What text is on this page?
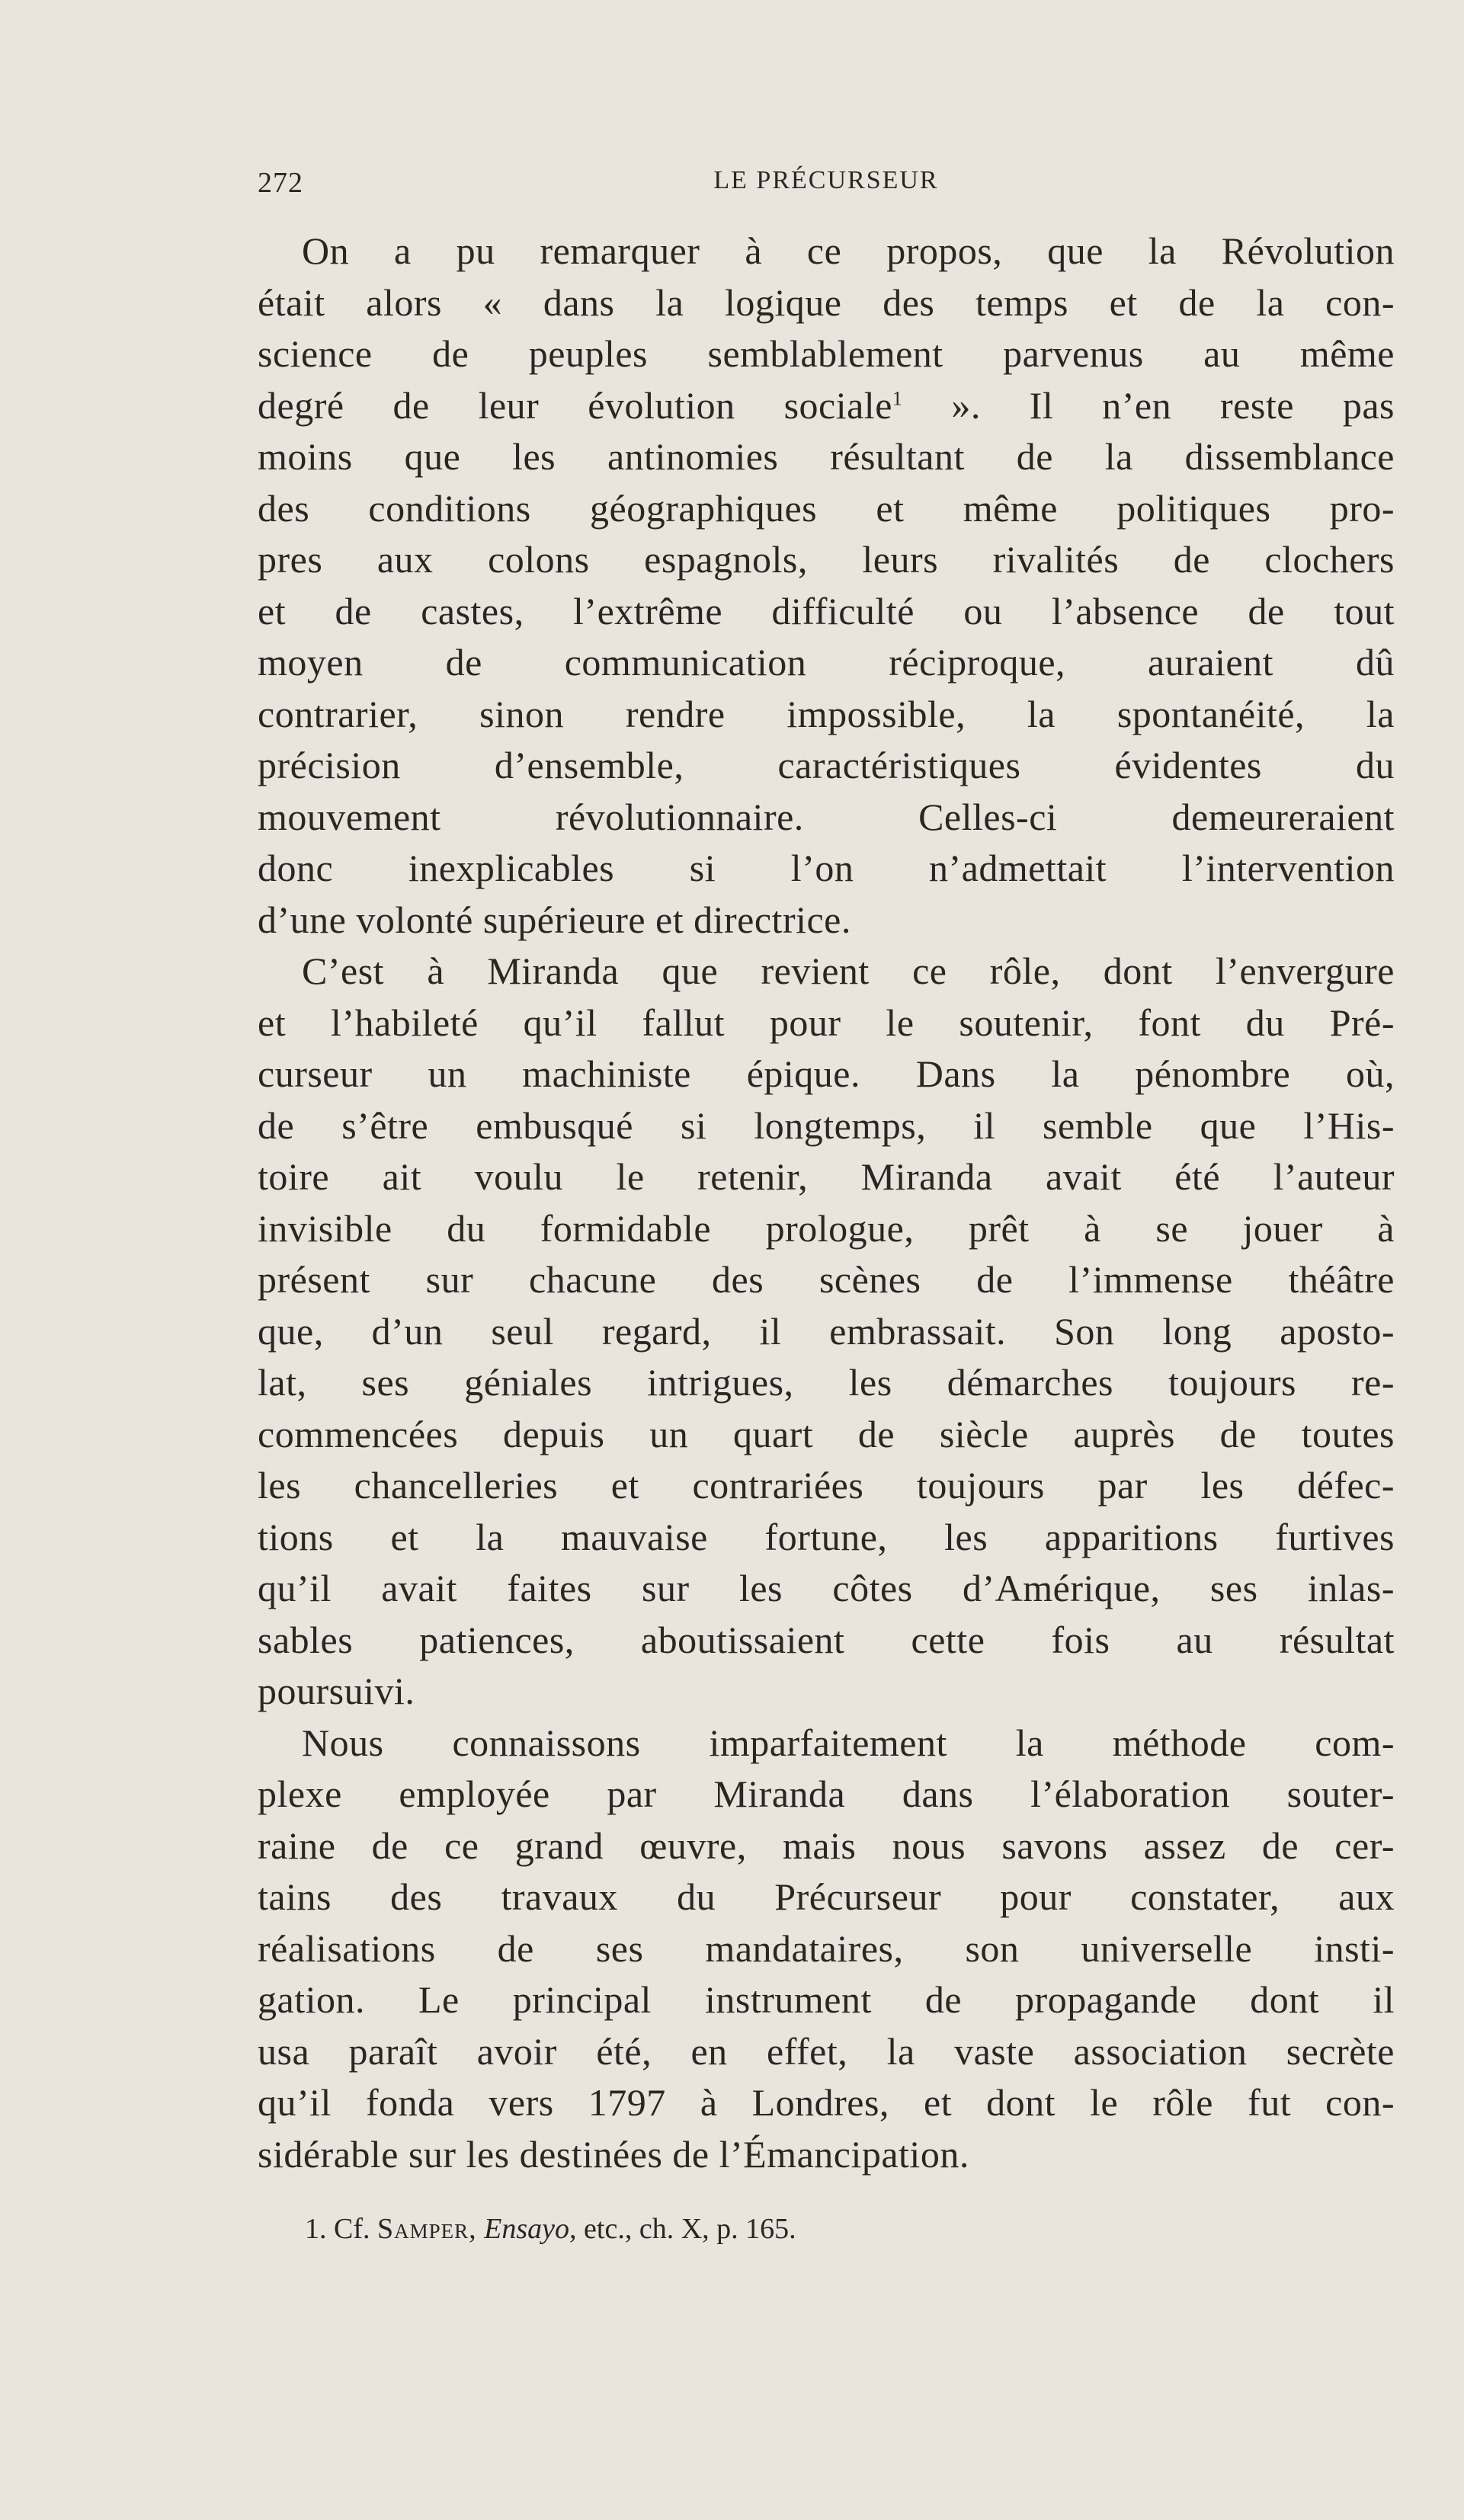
272	LE PRÉCURSEUR

On a pu remarquer à ce propos, que la Révolution
était alors « dans la logique des temps et de la con-
science de peuples semblablement parvenus au même
degré de leur évolution sociale$^1$ ». Il n’en reste pas
moins que les antinomies résultant de la dissemblance
des conditions géographiques et même politiques pro-
pres aux colons espagnols, leurs rivalités de clochers
et de castes, l’extrême difficulté ou l’absence de tout
moyen de communication réciproque, auraient dû
contrarier, sinon rendre impossible, la spontanéité, la
précision d’ensemble, caractéristiques évidentes du
mouvement révolutionnaire. Celles-ci demeureraient
donc inexplicables si l’on n’admettait l’intervention
d’une volonté supérieure et directrice.

C’est à Miranda que revient ce rôle, dont l’envergure
et l’habileté qu’il fallut pour le soutenir, font du Pré-
curseur un machiniste épique. Dans la pénombre où,
de s’être embusqué si longtemps, il semble que l’His-
toire ait voulu le retenir, Miranda avait été l’auteur
invisible du formidable prologue, prêt à se jouer à
présent sur chacune des scènes de l’immense théâtre
que, d’un seul regard, il embrassait. Son long aposto-
lat, ses géniales intrigues, les démarches toujours re-
commencées depuis un quart de siècle auprès de toutes
les chancelleries et contrariées toujours par les défec-
tions et la mauvaise fortune, les apparitions furtives
qu’il avait faites sur les côtes d’Amérique, ses inlas-
sables patiences, aboutissaient cette fois au résultat
poursuivi.

Nous connaissons imparfaitement la méthode com-
plexe employée par Miranda dans l’élaboration souter-
raine de ce grand œuvre, mais nous savons assez de cer-
tains des travaux du Précurseur pour constater, aux
réalisations de ses mandataires, son universelle insti-
gation. Le principal instrument de propagande dont il
usa paraît avoir été, en effet, la vaste association secrète
qu’il fonda vers 1797 à Londres, et dont le rôle fut con-
sidérable sur les destinées de l’Émancipation.

1. Cf. Samper, Ensayo, etc., ch. X, p. 165.
